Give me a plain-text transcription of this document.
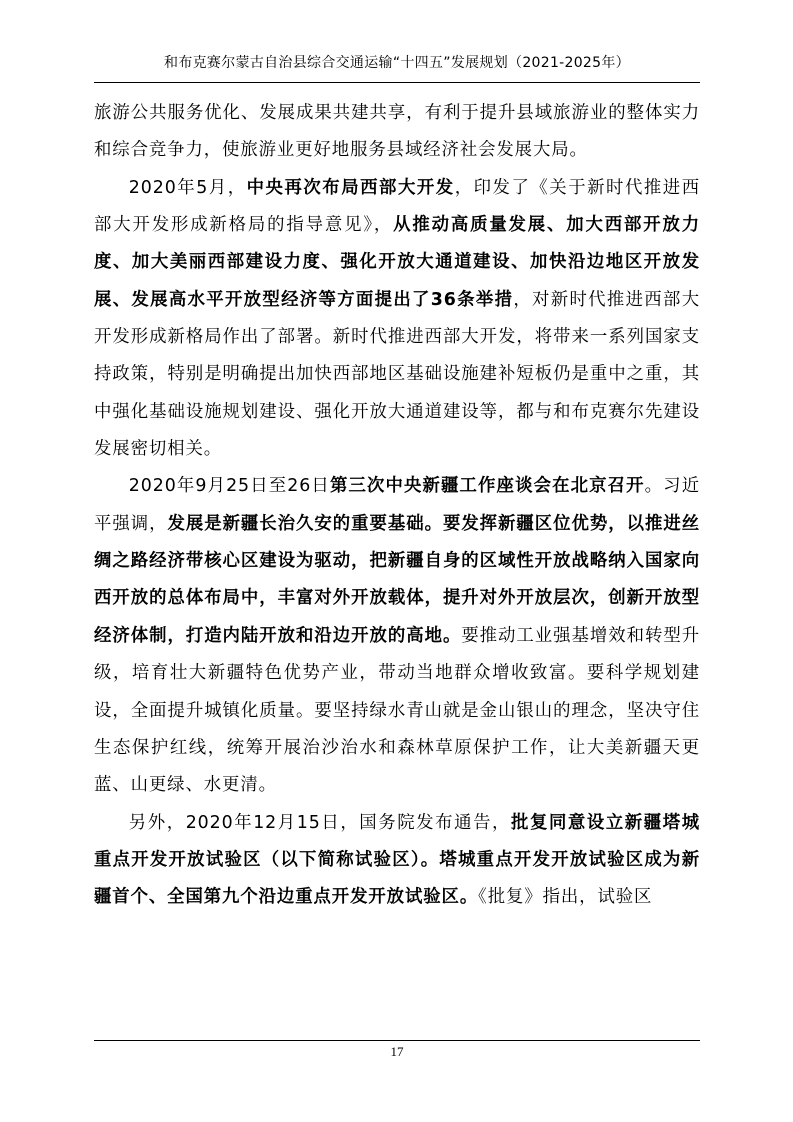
和布克赛尔蒙古自治县综合交通运输“十四五”发展规划（2021-2025年）

旅游公共服务优化、发展成果共建共享，有利于提升县域旅游业的整体实力和综合竞争力，使旅游业更好地服务县域经济社会发展大局。

2020年5月，中央再次布局西部大开发，印发了《关于新时代推进西部大开发形成新格局的指导意见》，从推动高质量发展、加大西部开放力度、加大美丽西部建设力度、强化开放大通道建设、加快沿边地区开放发展、发展高水平开放型经济等方面提出了36条举措，对新时代推进西部大开发形成新格局作出了部署。新时代推进西部大开发，将带来一系列国家支持政策，特别是明确提出加快西部地区基础设施建补短板仍是重中之重，其中强化基础设施规划建设、强化开放大通道建设等，都与和布克赛尔先建设发展密切相关。

2020年9月25日至26日第三次中央新疆工作座谈会在北京召开。习近平强调，发展是新疆长治久安的重要基础。要发挥新疆区位优势，以推进丝绸之路经济带核心区建设为驱动，把新疆自身的区域性开放战略纳入国家向西开放的总体布局中，丰富对外开放载体，提升对外开放层次，创新开放型经济体制，打造内陆开放和沿边开放的高地。要推动工业强基增效和转型升级，培育壮大新疆特色优势产业，带动当地群众增收致富。要科学规划建设，全面提升城镇化质量。要坚持绿水青山就是金山银山的理念，坚决守住生态保护红线，统筹开展治沙治水和森林草原保护工作，让大美新疆天更蓝、山更绿、水更清。

另外，2020年12月15日，国务院发布通告，批复同意设立新疆塔城重点开发开放试验区（以下简称试验区）。塔城重点开发开放试验区成为新疆首个、全国第九个沿边重点开发开放试验区。《批复》指出，试验区

17
